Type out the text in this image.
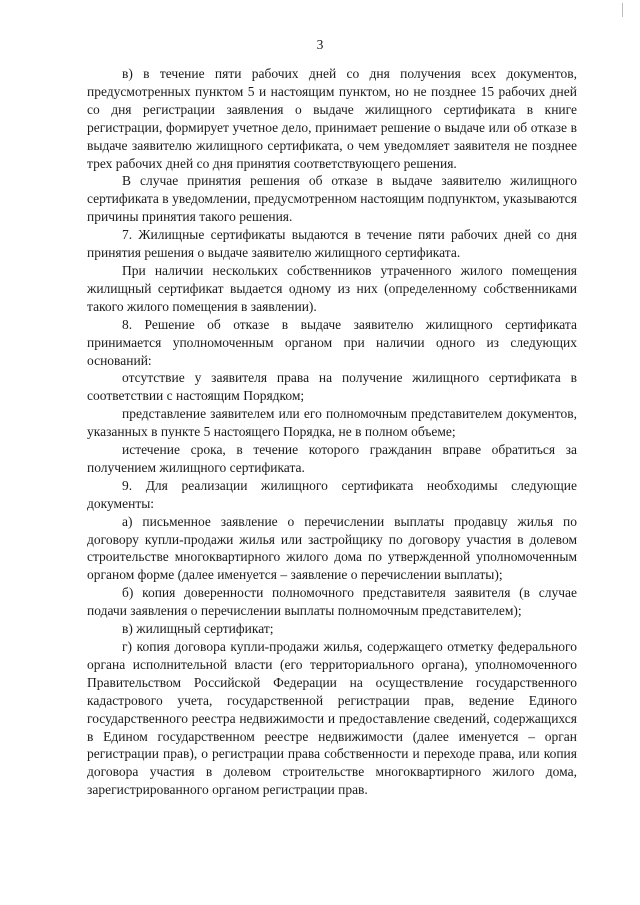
3

в) в течение пяти рабочих дней со дня получения всех документов, предусмотренных пунктом 5 и настоящим пунктом, но не позднее 15 рабочих дней со дня регистрации заявления о выдаче жилищного сертификата в книге регистрации, формирует учетное дело, принимает решение о выдаче или об отказе в выдаче заявителю жилищного сертификата, о чем уведомляет заявителя не позднее трех рабочих дней со дня принятия соответствующего решения.

В случае принятия решения об отказе в выдаче заявителю жилищного сертификата в уведомлении, предусмотренном настоящим подпунктом, указываются причины принятия такого решения.

7. Жилищные сертификаты выдаются в течение пяти рабочих дней со дня принятия решения о выдаче заявителю жилищного сертификата.

При наличии нескольких собственников утраченного жилого помещения жилищный сертификат выдается одному из них (определенному собственниками такого жилого помещения в заявлении).

8. Решение об отказе в выдаче заявителю жилищного сертификата принимается уполномоченным органом при наличии одного из следующих оснований:

отсутствие у заявителя права на получение жилищного сертификата в соответствии с настоящим Порядком;

представление заявителем или его полномочным представителем документов, указанных в пункте 5 настоящего Порядка, не в полном объеме;

истечение срока, в течение которого гражданин вправе обратиться за получением жилищного сертификата.

9. Для реализации жилищного сертификата необходимы следующие документы:

а) письменное заявление о перечислении выплаты продавцу жилья по договору купли-продажи жилья или застройщику по договору участия в долевом строительстве многоквартирного жилого дома по утвержденной уполномоченным органом форме (далее именуется – заявление о перечислении выплаты);

б) копия доверенности полномочного представителя заявителя (в случае подачи заявления о перечислении выплаты полномочным представителем);

в) жилищный сертификат;

г) копия договора купли-продажи жилья, содержащего отметку федерального органа исполнительной власти (его территориального органа), уполномоченного Правительством Российской Федерации на осуществление государственного кадастрового учета, государственной регистрации прав, ведение Единого государственного реестра недвижимости и предоставление сведений, содержащихся в Едином государственном реестре недвижимости (далее именуется – орган регистрации прав), о регистрации права собственности и переходе права, или копия договора участия в долевом строительстве многоквартирного жилого дома, зарегистрированного органом регистрации прав.
